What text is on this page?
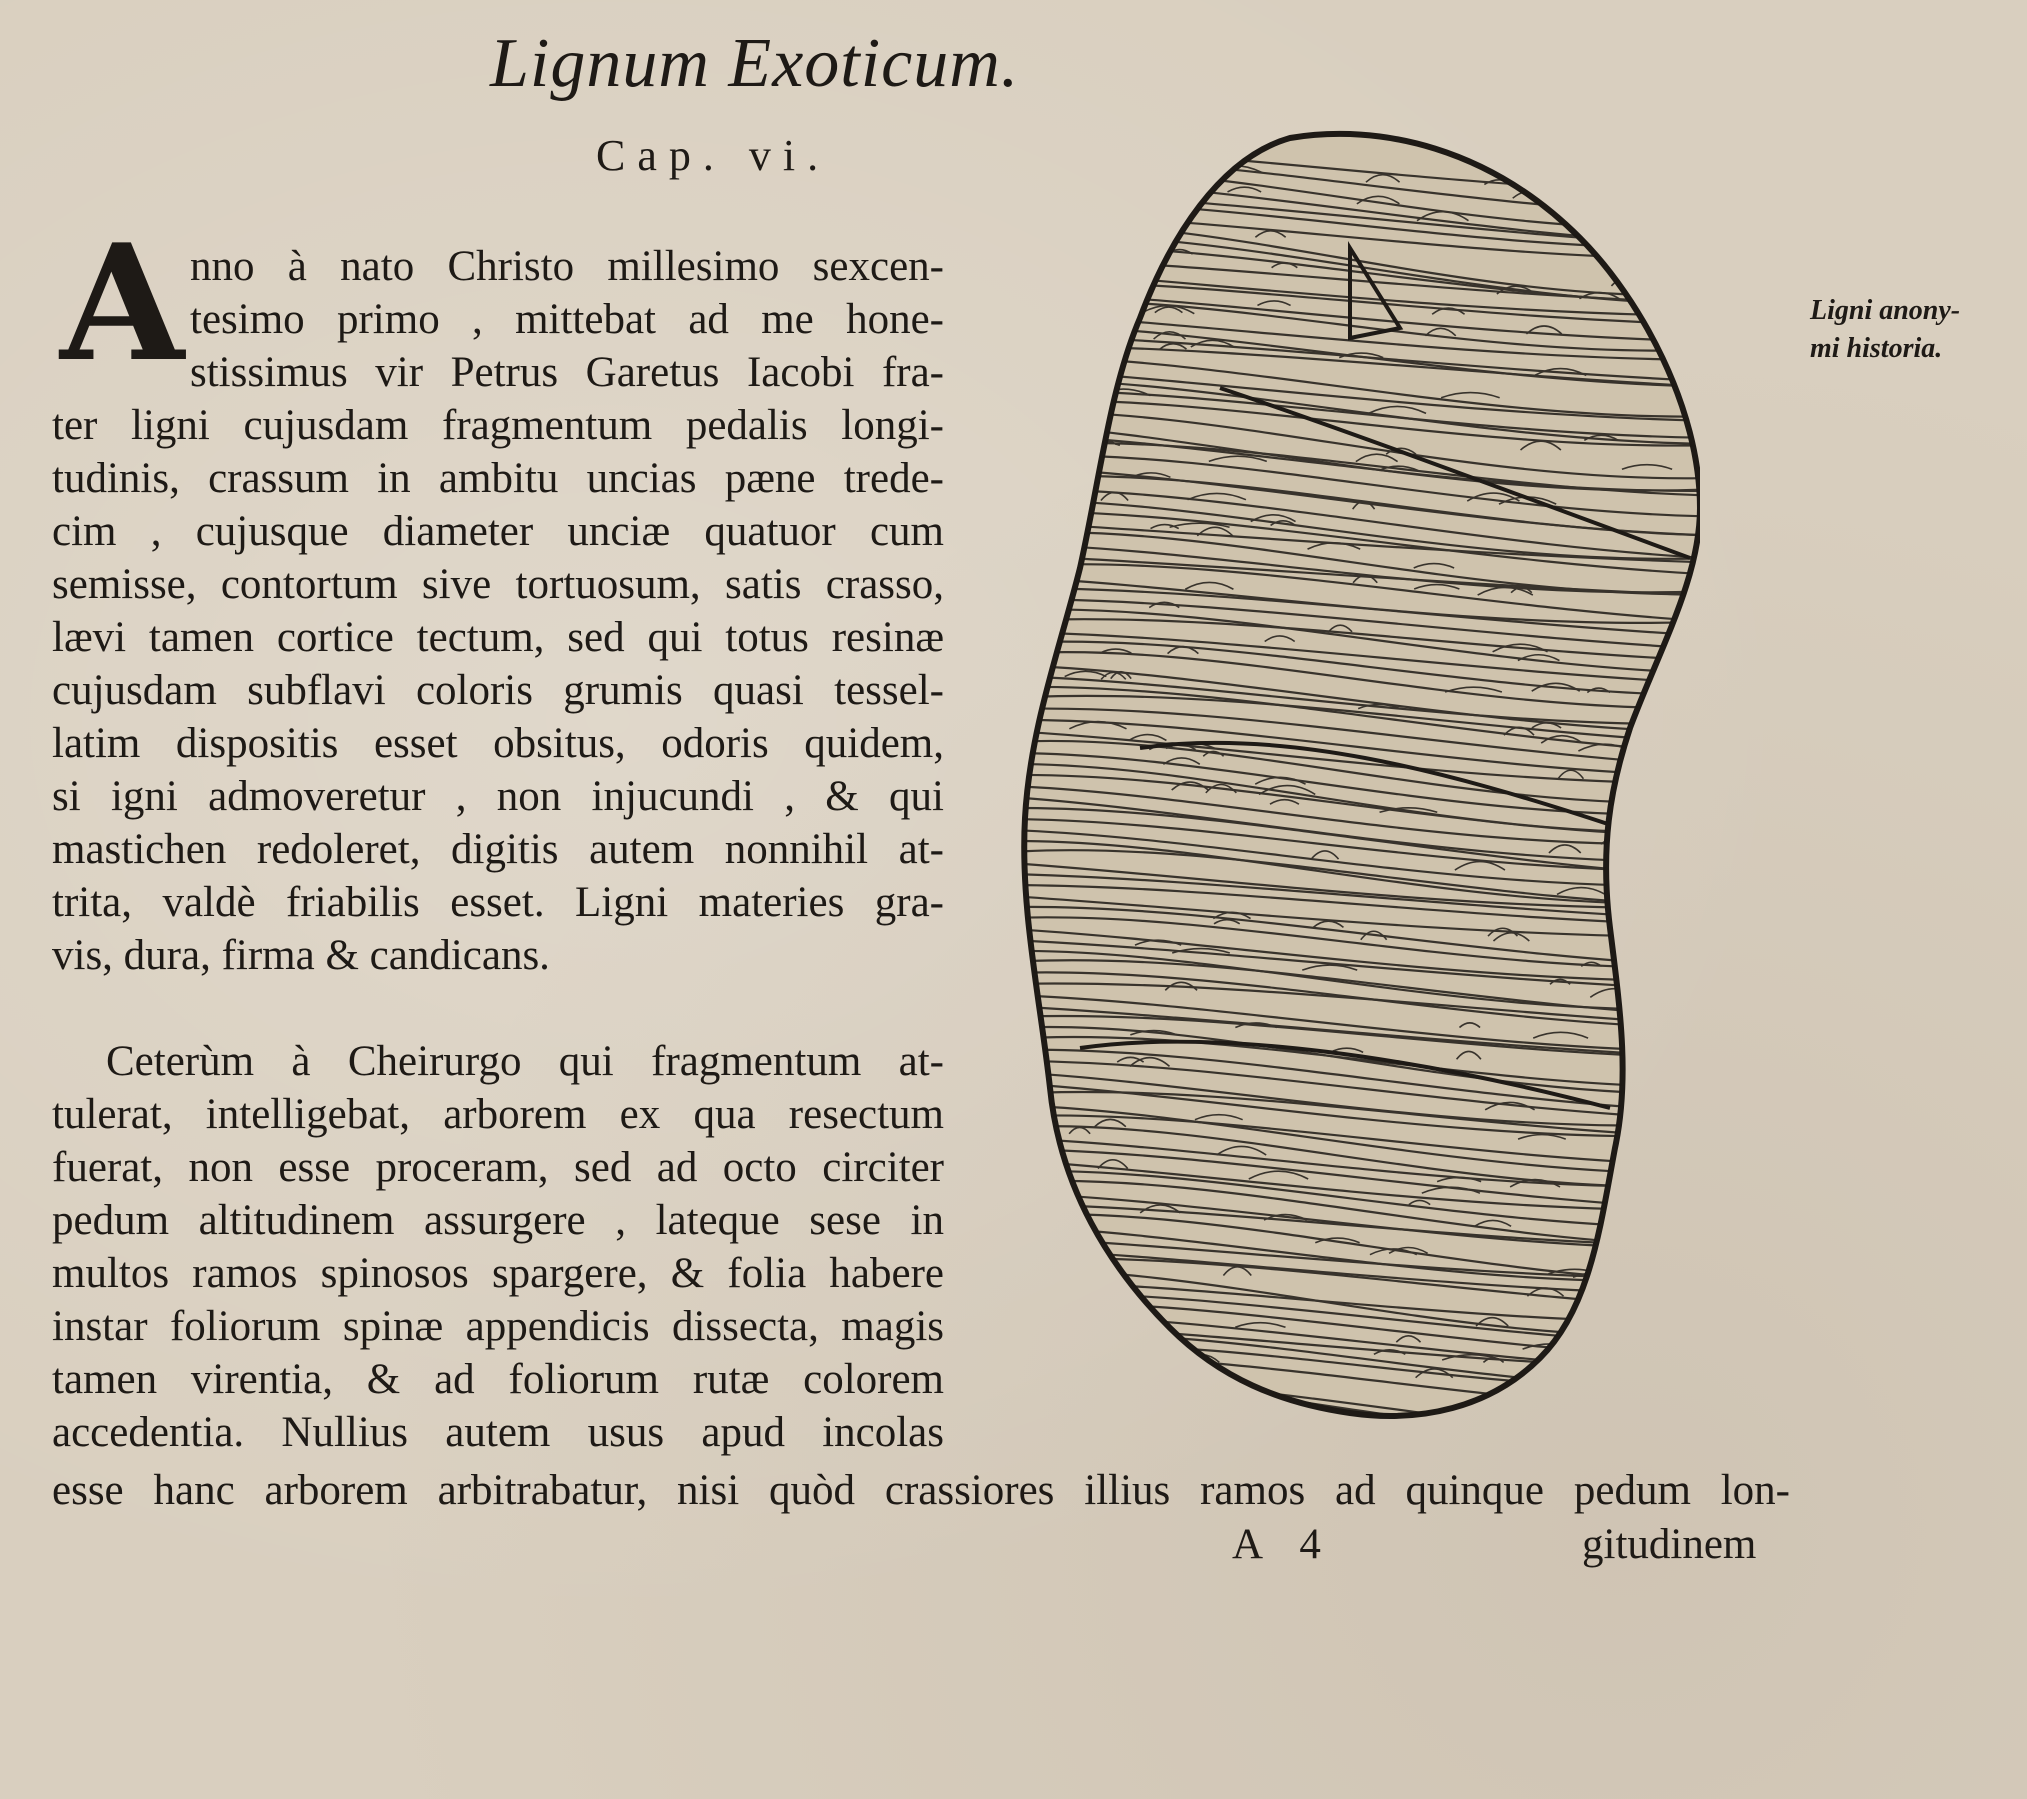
Lignum Exoticum.
Cap. vi.
A nno à nato Christo millesimo sexcen-
tesimo primo , mittebat ad me hone-
stissimus vir Petrus Garetus Iacobi fra-
ter ligni cujusdam fragmentum pedalis longi-
tudinis, crassum in ambitu uncias pæne trede-
cim , cujusque diameter unciæ quatuor cum
semisse, contortum sive tortuosum, satis crasso,
lævi tamen cortice tectum, sed qui totus resinæ
cujusdam subflavi coloris grumis quasi tessel-
latim dispositis esset obsitus, odoris quidem,
si igni admoveretur , non injucundi , & qui
mastichen redoleret, digitis autem nonnihil at-
trita, valdè friabilis esset. Ligni materies gra-
vis, dura, firma & candicans.
Ceterùm à Cheirurgo qui fragmentum at-
tulerat, intelligebat, arborem ex qua resectum
fuerat, non esse proceram, sed ad octo circiter
pedum altitudinem assurgere , lateque sese in
multos ramos spinosos spargere, & folia habere
instar foliorum spinæ appendicis dissecta, magis
tamen virentia, & ad foliorum rutæ colorem
accedentia. Nullius autem usus apud incolas
esse hanc arborem arbitrabatur, nisi quòd crassiores illius ramos ad quinque pedum lon-
A 4	gitudinem
Ligni anony-
mi historia.
